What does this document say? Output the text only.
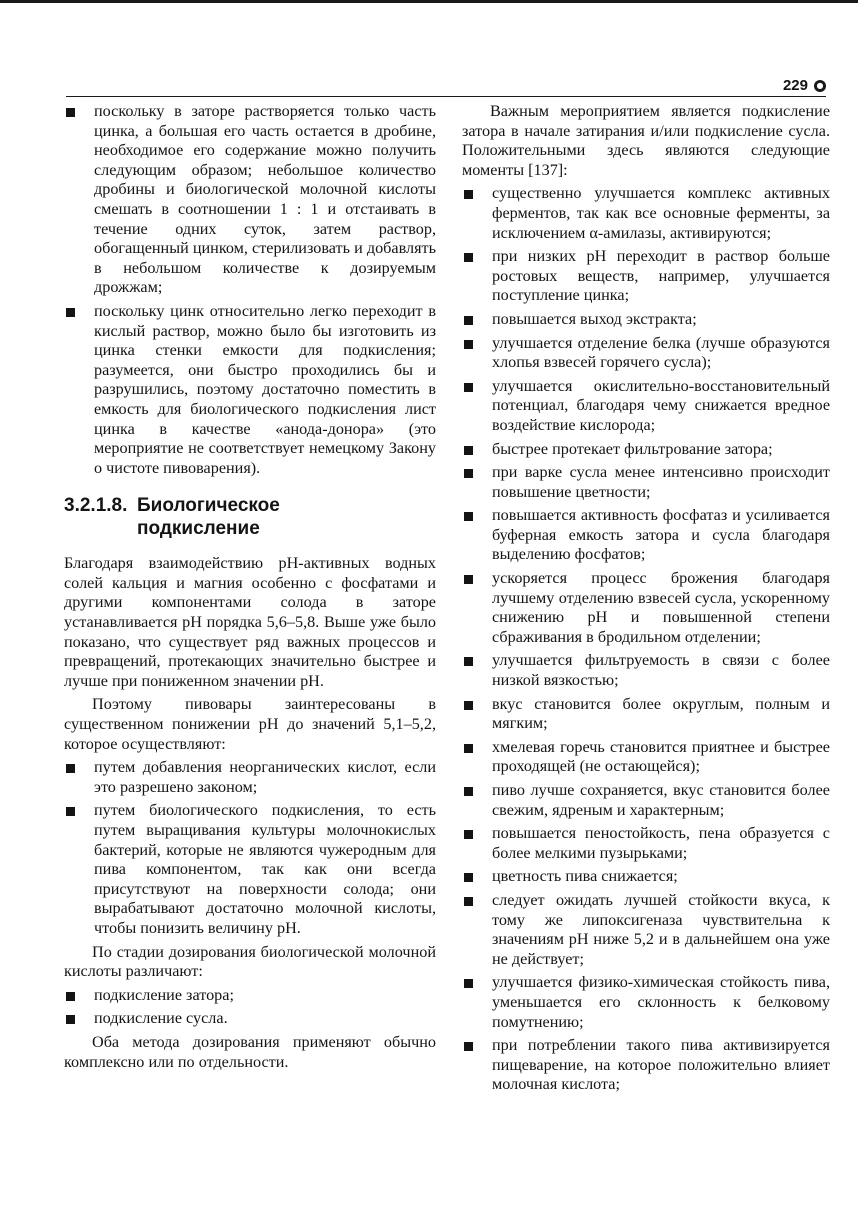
229	●
поскольку в заторе растворяется только часть цинка, а большая его часть остается в дробине, необходимое его содержание можно получить следующим образом; небольшое количество дробины и биологической молочной кислоты смешать в соотношении 1 : 1 и отстаивать в течение одних суток, затем раствор, обогащенный цинком, стерилизовать и добавлять в небольшом количестве к дозируемым дрожжам;
поскольку цинк относительно легко переходит в кислый раствор, можно было бы изготовить из цинка стенки емкости для подкисления; разумеется, они быстро проходились бы и разрушились, поэтому достаточно поместить в емкость для биологического подкисления лист цинка в качестве «анода-донора» (это мероприятие не соответствует немецкому Закону о чистоте пивоварения).
3.2.1.8. Биологическое
подкисление

Благодаря взаимодействию pH-активных водных солей кальция и магния особенно с фосфатами и другими компонентами солода в заторе устанавливается pH порядка 5,6–5,8. Выше уже было показано, что существует ряд важных процессов и превращений, протекающих значительно быстрее и лучше при пониженном значении pH.

Поэтому пивовары заинтересованы в существенном понижении pH до значений 5,1–5,2, которое осуществляют:

путем добавления неорганических кислот, если это разрешено законом;
путем биологического подкисления, то есть путем выращивания культуры молочнокислых бактерий, которые не являются чужеродным для пива компонентом, так как они всегда присутствуют на поверхности солода; они вырабатывают достаточно молочной кислоты, чтобы понизить величину pH.

По стадии дозирования биологической молочной кислоты различают:

подкисление затора;
подкисление сусла.

Оба метода дозирования применяют обычно комплексно или по отдельности.

Важным мероприятием является подкисление затора в начале затирания и/или подкисление сусла. Положительными здесь являются следующие моменты [137]:

существенно улучшается комплекс активных ферментов, так как все основные ферменты, за исключением α-амилазы, активируются;
при низких pH переходит в раствор больше ростовых веществ, например, улучшается поступление цинка;
повышается выход экстракта;
улучшается отделение белка (лучше образуются хлопья взвесей горячего сусла);
улучшается окислительно-восстановительный потенциал, благодаря чему снижается вредное воздействие кислорода;
быстрее протекает фильтрование затора;
при варке сусла менее интенсивно происходит повышение цветности;
повышается активность фосфатаз и усиливается буферная емкость затора и сусла благодаря выделению фосфатов;
ускоряется процесс брожения благодаря лучшему отделению взвесей сусла, ускоренному снижению pH и повышенной степени сбраживания в бродильном отделении;
улучшается фильтруемость в связи с более низкой вязкостью;
вкус становится более округлым, полным и мягким;
хмелевая горечь становится приятнее и быстрее проходящей (не остающейся);
пиво лучше сохраняется, вкус становится более свежим, ядреным и характерным;
повышается пеностойкость, пена образуется с более мелкими пузырьками;
цветность пива снижается;
следует ожидать лучшей стойкости вкуса, к тому же липоксигеназа чувствительна к значениям pH ниже 5,2 и в дальнейшем она уже не действует;
улучшается физико-химическая стойкость пива, уменьшается его склонность к белковому помутнению;
при потреблении такого пива активизируется пищеварение, на которое положительно влияет молочная кислота;
